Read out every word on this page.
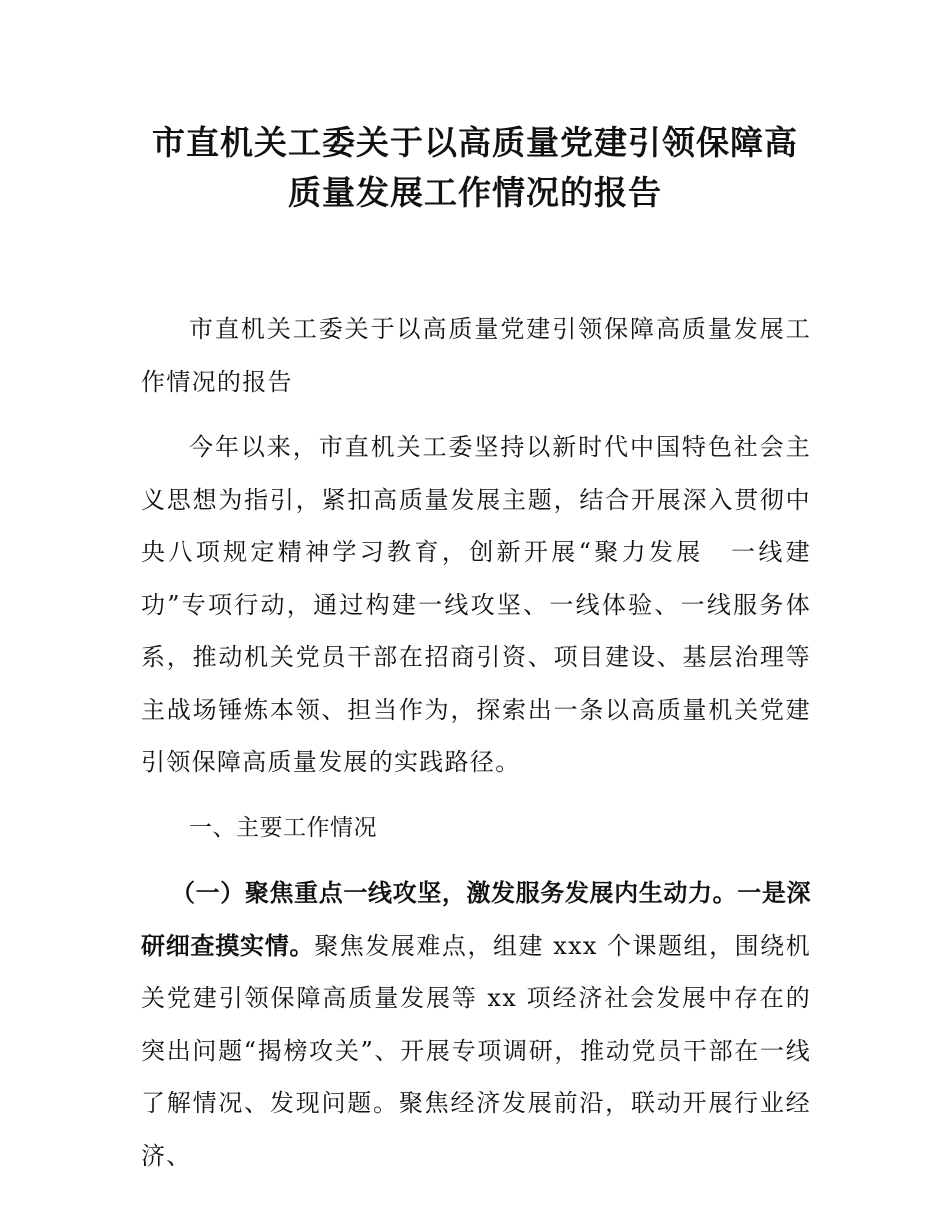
市直机关工委关于以高质量党建引领保障高
质量发展工作情况的报告

市直机关工委关于以高质量党建引领保障高质量发展工作情况的报告

今年以来，市直机关工委坚持以新时代中国特色社会主义思想为指引，紧扣高质量发展主题，结合开展深入贯彻中央八项规定精神学习教育，创新开展“聚力发展　一线建功”专项行动，通过构建一线攻坚、一线体验、一线服务体系，推动机关党员干部在招商引资、项目建设、基层治理等主战场锤炼本领、担当作为，探索出一条以高质量机关党建引领保障高质量发展的实践路径。

一、主要工作情况

（一）聚焦重点一线攻坚，激发服务发展内生动力。一是深研细查摸实情。聚焦发展难点，组建 xxx 个课题组，围绕机关党建引领保障高质量发展等 xx 项经济社会发展中存在的突出问题“揭榜攻关”、开展专项调研，推动党员干部在一线了解情况、发现问题。聚焦经济发展前沿，联动开展行业经济、
